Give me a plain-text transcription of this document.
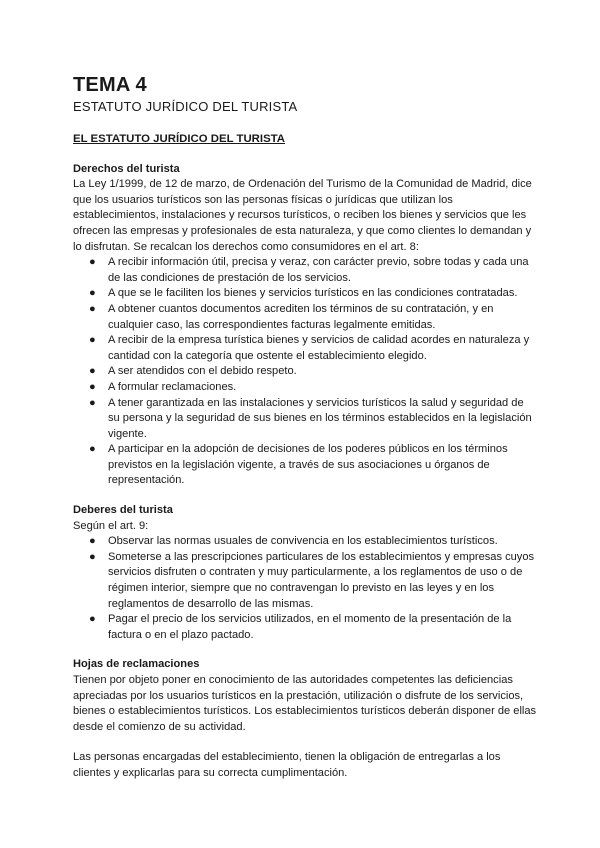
TEMA 4
ESTATUTO JURÍDICO DEL TURISTA
EL ESTATUTO JURÍDICO DEL TURISTA
Derechos del turista

La Ley 1/1999, de 12 de marzo, de Ordenación del Turismo de la Comunidad de Madrid, dice que los usuarios turísticos son las personas físicas o jurídicas que utilizan los establecimientos, instalaciones y recursos turísticos, o reciben los bienes y servicios que les ofrecen las empresas y profesionales de esta naturaleza, y que como clientes lo demandan y lo disfrutan. Se recalcan los derechos como consumidores en el art. 8:

● A recibir información útil, precisa y veraz, con carácter previo, sobre todas y cada una de las condiciones de prestación de los servicios.
● A que se le faciliten los bienes y servicios turísticos en las condiciones contratadas.
● A obtener cuantos documentos acrediten los términos de su contratación, y en cualquier caso, las correspondientes facturas legalmente emitidas.
● A recibir de la empresa turística bienes y servicios de calidad acordes en naturaleza y cantidad con la categoría que ostente el establecimiento elegido.
● A ser atendidos con el debido respeto.
● A formular reclamaciones.
● A tener garantizada en las instalaciones y servicios turísticos la salud y seguridad de su persona y la seguridad de sus bienes en los términos establecidos en la legislación vigente.
● A participar en la adopción de decisiones de los poderes públicos en los términos previstos en la legislación vigente, a través de sus asociaciones u órganos de representación.
Deberes del turista

Según el art. 9:

● Observar las normas usuales de convivencia en los establecimientos turísticos.
● Someterse a las prescripciones particulares de los establecimientos y empresas cuyos servicios disfruten o contraten y muy particularmente, a los reglamentos de uso o de régimen interior, siempre que no contravengan lo previsto en las leyes y en los reglamentos de desarrollo de las mismas.
● Pagar el precio de los servicios utilizados, en el momento de la presentación de la factura o en el plazo pactado.
Hojas de reclamaciones

Tienen por objeto poner en conocimiento de las autoridades competentes las deficiencias apreciadas por los usuarios turísticos en la prestación, utilización o disfrute de los servicios, bienes o establecimientos turísticos. Los establecimientos turísticos deberán disponer de ellas desde el comienzo de su actividad.

Las personas encargadas del establecimiento, tienen la obligación de entregarlas a los clientes y explicarlas para su correcta cumplimentación.
